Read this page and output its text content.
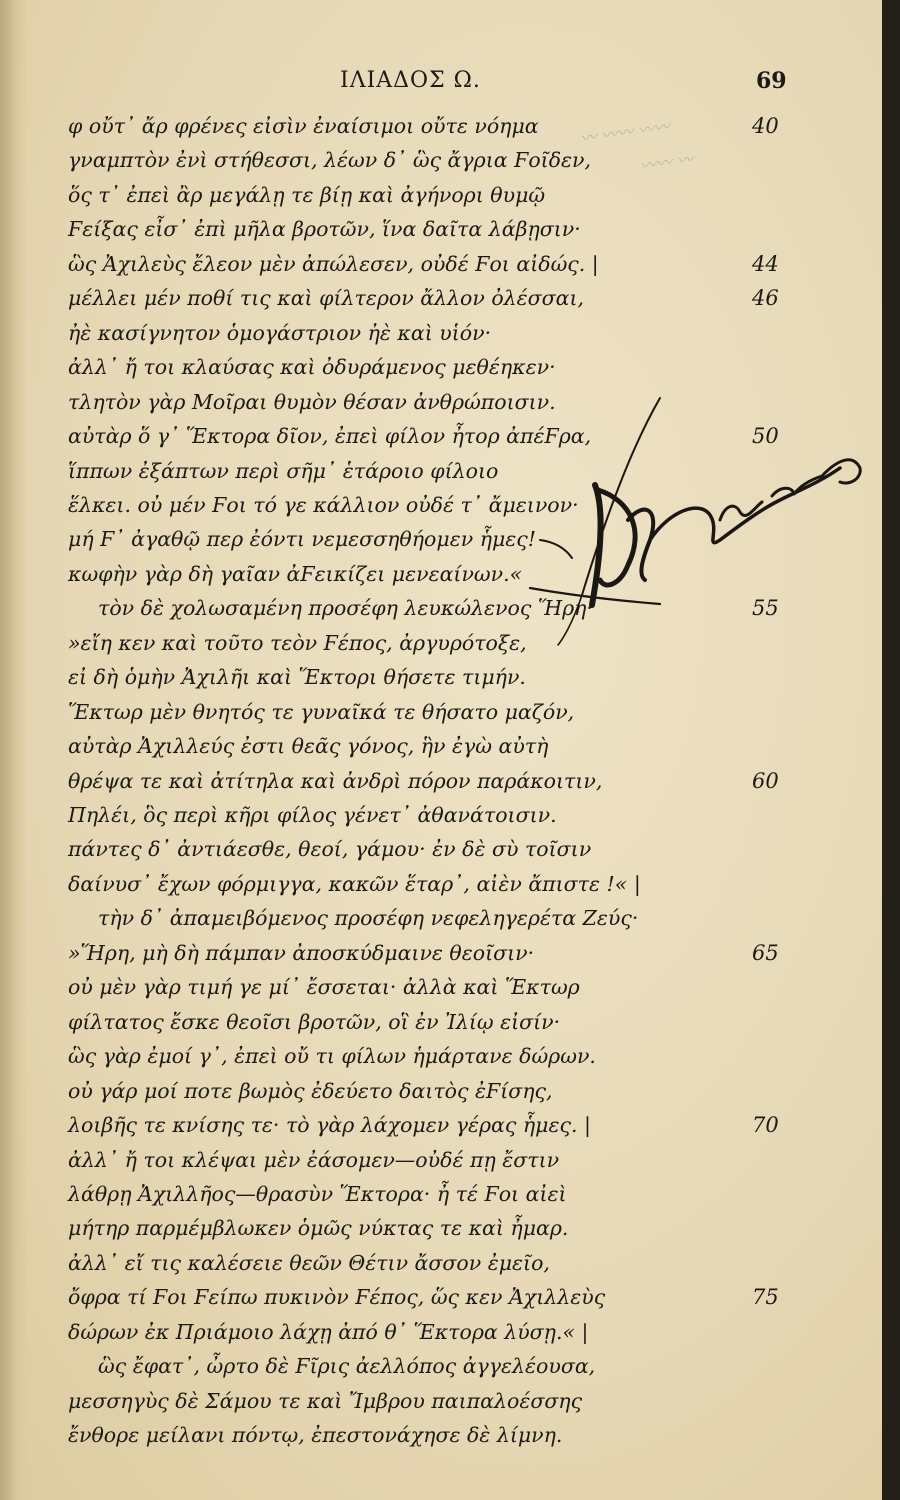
ΙΛΙΑΔΟΣ Ω.	69
〰 〰〰 〰〰
〰〰 〰
φ οὔτ᾽ ἄρ φρένες εἰσὶν ἐναίσιμοι οὔτε νόημα	40
γναμπτὸν ἐνὶ στήθεσσι, λέων δ᾽ ὣς ἄγρια Ϝοῖδεν,
ὅς τ᾽ ἐπεὶ ἂρ μεγάλῃ τε βίῃ καὶ ἀγήνορι θυμῷ
Ϝείξας εἶσ᾽ ἐπὶ μῆλα βροτῶν, ἵνα δαῖτα λάβῃσιν·
ὣς Ἀχιλεὺς ἔλεον μὲν ἀπώλεσεν, οὐδέ Ϝοι αἰδώς. |	44
μέλλει μέν ποθί τις καὶ φίλτερον ἄλλον ὀλέσσαι,	46
ἠὲ κασίγνητον ὁμογάστριον ἠὲ καὶ υἱόν·
ἀλλ᾽ ἤ τοι κλαύσας καὶ ὀδυράμενος μεθέηκεν·
τλητὸν γὰρ Μοῖραι θυμὸν θέσαν ἀνθρώποισιν.
αὐτὰρ ὅ γ᾽ Ἕκτορα δῖον, ἐπεὶ φίλον ἦτορ ἀπέϜρα,	50
ἵππων ἐξάπτων περὶ σῆμ᾽ ἑτάροιο φίλοιο
ἕλκει. οὐ μέν Ϝοι τό γε κάλλιον οὐδέ τ᾽ ἄμεινον·
μή Ϝ᾽ ἀγαθῷ περ ἐόντι νεμεσσηθήομεν ἧμες!
κωφὴν γὰρ δὴ γαῖαν ἀϜεικίζει μενεαίνων.«
τὸν δὲ χολωσαμένη προσέφη λευκώλενος Ἥρη·	55
»εἴη κεν καὶ τοῦτο τεὸν Ϝέπος, ἀργυρότοξε,
εἰ δὴ ὁμὴν Ἀχιλῆι καὶ Ἕκτορι θήσετε τιμήν.
Ἕκτωρ μὲν θνητός τε γυναῖκά τε θήσατο μαζόν,
αὐτὰρ Ἀχιλλεύς ἐστι θεᾶς γόνος, ἣν ἐγὼ αὐτὴ
θρέψα τε καὶ ἀτίτηλα καὶ ἀνδρὶ πόρον παράκοιτιν,	60
Πηλέι, ὃς περὶ κῆρι φίλος γένετ᾽ ἀθανάτοισιν.
πάντες δ᾽ ἀντιάεσθε, θεοί, γάμου· ἐν δὲ σὺ τοῖσιν
δαίνυσ᾽ ἔχων φόρμιγγα, κακῶν ἕταρ᾽, αἰὲν ἄπιστε !« |
τὴν δ᾽ ἀπαμειβόμενος προσέφη νεφεληγερέτα Ζεύς·
»Ἥρη, μὴ δὴ πάμπαν ἀποσκύδμαινε θεοῖσιν·	65
οὐ μὲν γὰρ τιμή γε μί᾽ ἔσσεται· ἀλλὰ καὶ Ἕκτωρ
φίλτατος ἔσκε θεοῖσι βροτῶν, οἳ ἐν Ἰλίῳ εἰσίν·
ὣς γὰρ ἐμοί γ᾽, ἐπεὶ οὔ τι φίλων ἡμάρτανε δώρων.
οὐ γάρ μοί ποτε βωμὸς ἐδεύετο δαιτὸς ἐϜίσης,
λοιβῆς τε κνίσης τε· τὸ γὰρ λάχομεν γέρας ἧμες. |	70
ἀλλ᾽ ἤ τοι κλέψαι μὲν ἐάσομεν—οὐδέ πῃ ἔστιν
λάθρῃ Ἀχιλλῆος—θρασὺν Ἕκτορα· ἦ τέ Ϝοι αἰεὶ
μήτηρ παρμέμβλωκεν ὁμῶς νύκτας τε καὶ ἦμαρ.
ἀλλ᾽ εἴ τις καλέσειε θεῶν Θέτιν ἄσσον ἐμεῖο,
ὄφρα τί Ϝοι Ϝείπω πυκινὸν Ϝέπος, ὥς κεν Ἀχιλλεὺς	75
δώρων ἐκ Πριάμοιο λάχῃ ἀπό θ᾽ Ἕκτορα λύσῃ.« |
ὣς ἔφατ᾽, ὦρτο δὲ Ϝῖρις ἀελλόπος ἀγγελέουσα,
μεσσηγὺς δὲ Σάμου τε καὶ Ἴμβρου παιπαλοέσσης
ἔνθορε μείλανι πόντῳ, ἐπεστονάχησε δὲ λίμνη.
